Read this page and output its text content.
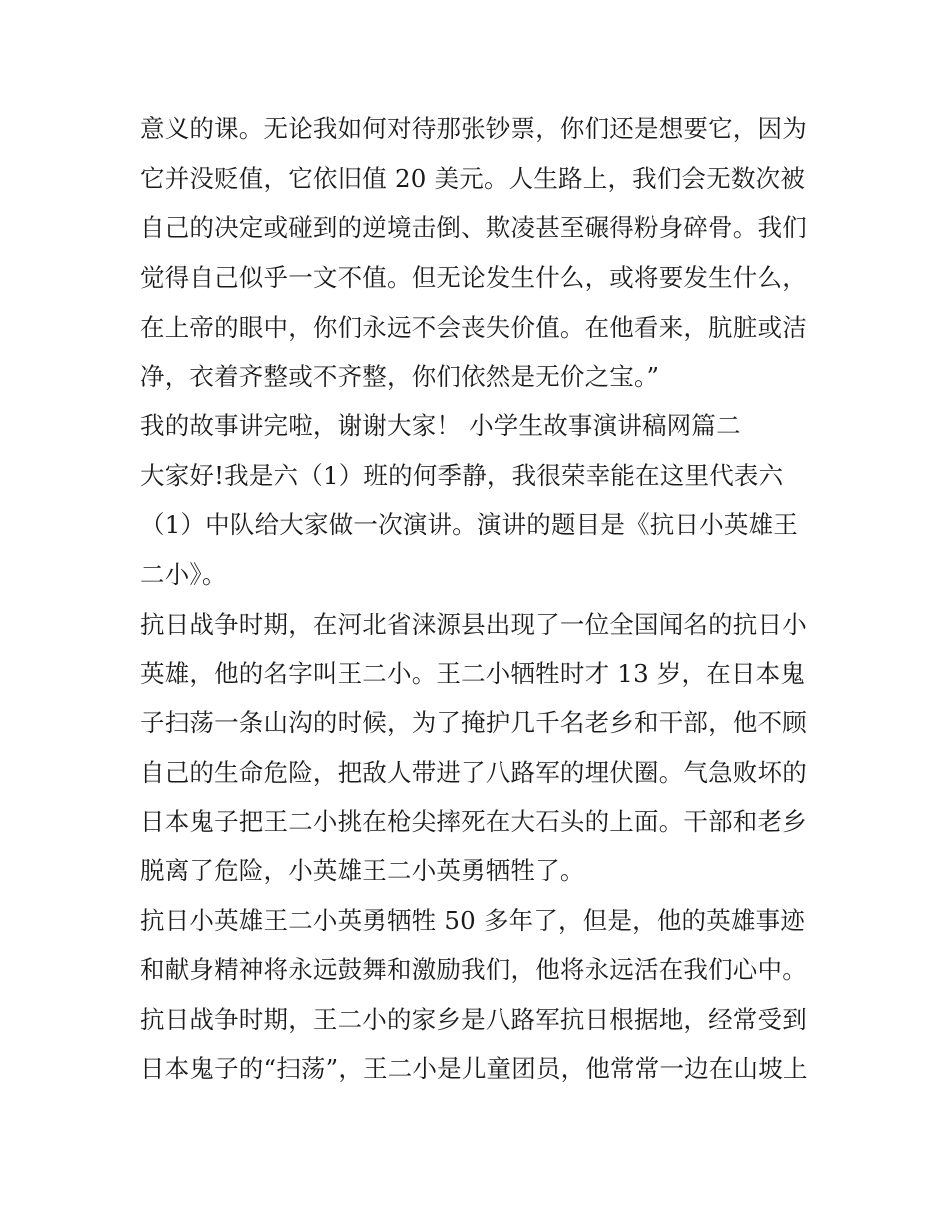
意义的课。无论我如何对待那张钞票，你们还是想要它，因为
它并没贬值，它依旧值 20 美元。人生路上，我们会无数次被
自己的决定或碰到的逆境击倒、欺凌甚至碾得粉身碎骨。我们
觉得自己似乎一文不值。但无论发生什么，或将要发生什么，
在上帝的眼中，你们永远不会丧失价值。在他看来，肮脏或洁
净，衣着齐整或不齐整，你们依然是无价之宝。”
我的故事讲完啦，谢谢大家！ 小学生故事演讲稿网篇二
大家好!我是六（1）班的何季静，我很荣幸能在这里代表六
（1）中队给大家做一次演讲。演讲的题目是《抗日小英雄王
二小》。
抗日战争时期，在河北省涞源县出现了一位全国闻名的抗日小
英雄，他的名字叫王二小。王二小牺牲时才 13 岁，在日本鬼
子扫荡一条山沟的时候，为了掩护几千名老乡和干部，他不顾
自己的生命危险，把敌人带进了八路军的埋伏圈。气急败坏的
日本鬼子把王二小挑在枪尖摔死在大石头的上面。干部和老乡
脱离了危险，小英雄王二小英勇牺牲了。
抗日小英雄王二小英勇牺牲 50 多年了，但是，他的英雄事迹
和献身精神将永远鼓舞和激励我们，他将永远活在我们心中。
抗日战争时期，王二小的家乡是八路军抗日根据地，经常受到
日本鬼子的“扫荡”，王二小是儿童团员，他常常一边在山坡上
